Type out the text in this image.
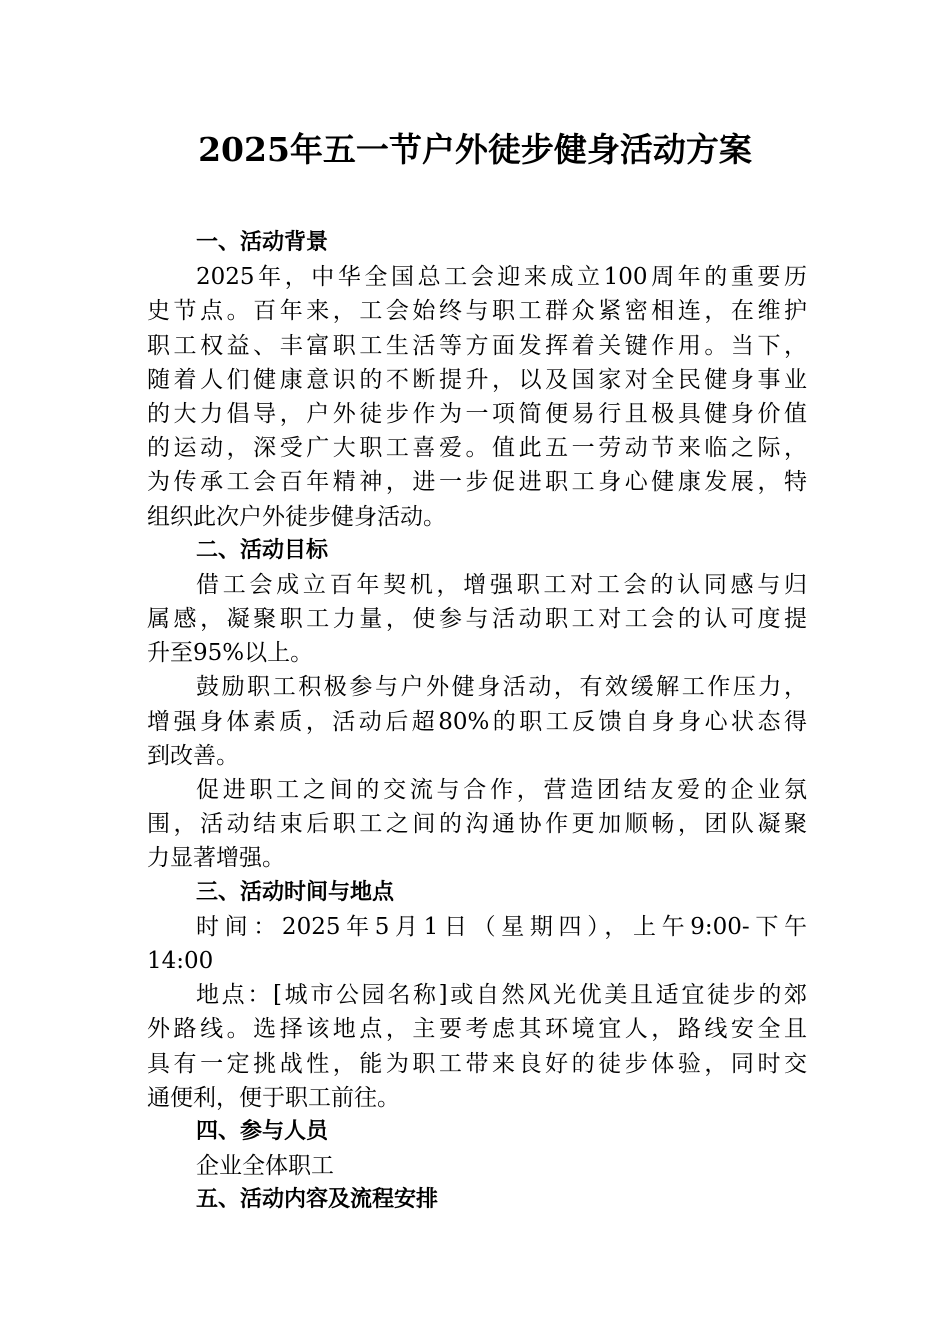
2025年五一节户外徒步健身活动方案
一、活动背景
2025年，中华全国总工会迎来成立100周年的重要历
史节点。百年来，工会始终与职工群众紧密相连，在维护
职工权益、丰富职工生活等方面发挥着关键作用。当下，
随着人们健康意识的不断提升，以及国家对全民健身事业
的大力倡导，户外徒步作为一项简便易行且极具健身价值
的运动，深受广大职工喜爱。值此五一劳动节来临之际，
为传承工会百年精神，进一步促进职工身心健康发展，特
组织此次户外徒步健身活动。
二、活动目标
借工会成立百年契机，增强职工对工会的认同感与归
属感，凝聚职工力量，使参与活动职工对工会的认可度提
升至95%以上。
鼓励职工积极参与户外健身活动，有效缓解工作压力，
增强身体素质，活动后超80%的职工反馈自身身心状态得
到改善。
促进职工之间的交流与合作，营造团结友爱的企业氛
围，活动结束后职工之间的沟通协作更加顺畅，团队凝聚
力显著增强。
三、活动时间与地点
时间：2025年5月1日（星期四），上午9:00-下午
14:00
地点：[城市公园名称]或自然风光优美且适宜徒步的郊
外路线。选择该地点，主要考虑其环境宜人，路线安全且
具有一定挑战性，能为职工带来良好的徒步体验，同时交
通便利，便于职工前往。
四、参与人员
企业全体职工
五、活动内容及流程安排
